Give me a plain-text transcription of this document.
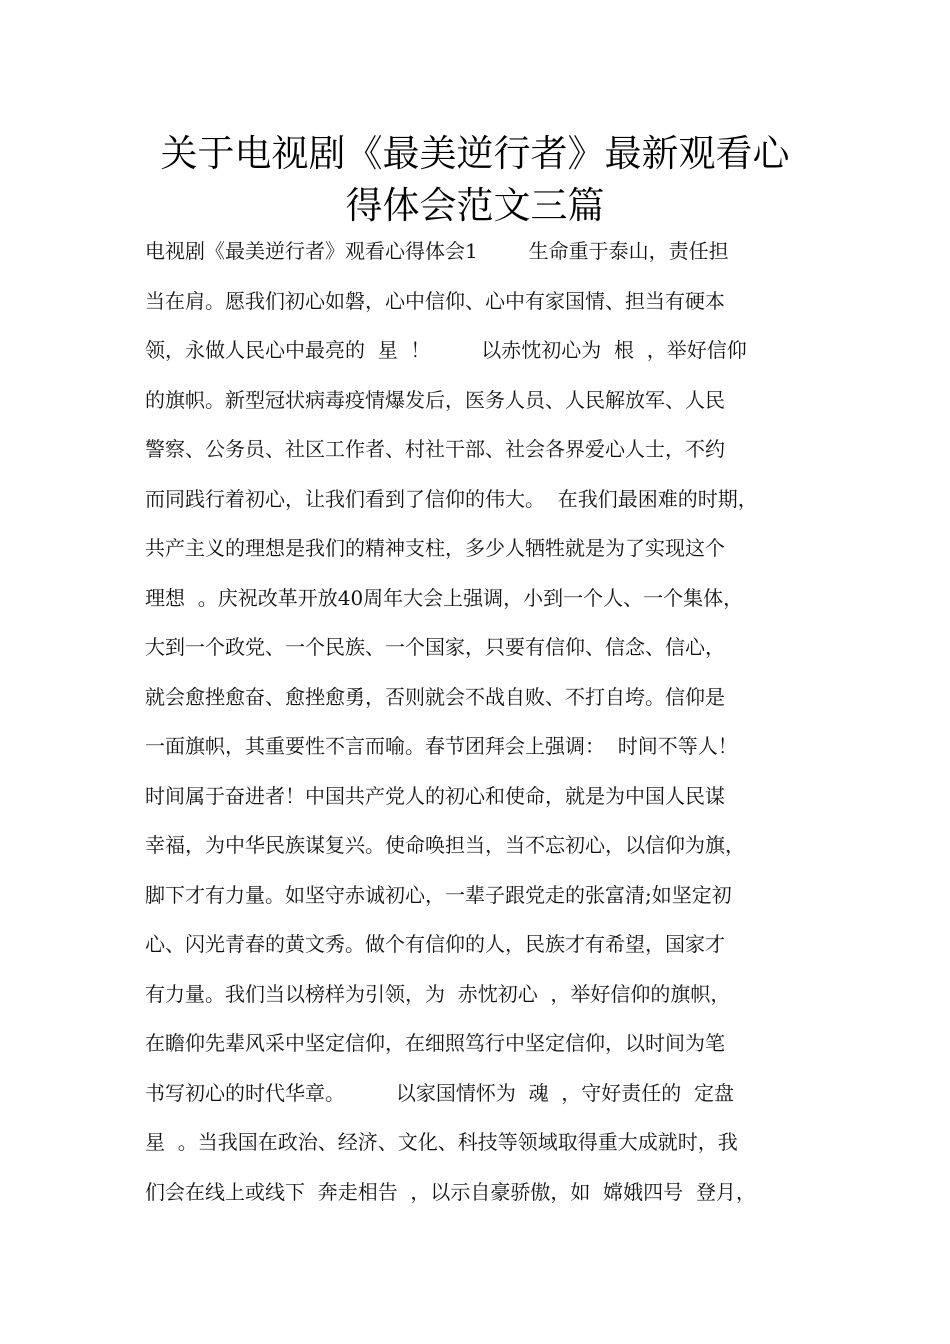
关于电视剧《最美逆行者》最新观看心
得体会范文三篇
电视剧《最美逆行者》观看心得体会1        生命重于泰山，责任担
当在肩。愿我们初心如磐，心中信仰、心中有家国情、担当有硬本
领，永做人民心中最亮的  星  ！        以赤忱初心为  根  ，举好信仰
的旗帜。新型冠状病毒疫情爆发后，医务人员、人民解放军、人民
警察、公务员、社区工作者、村社干部、社会各界爱心人士，不约
而同践行着初心，让我们看到了信仰的伟大。  在我们最困难的时期，
共产主义的理想是我们的精神支柱，多少人牺牲就是为了实现这个
理想  。庆祝改革开放40周年大会上强调，小到一个人、一个集体，
大到一个政党、一个民族、一个国家，只要有信仰、信念、信心，
就会愈挫愈奋、愈挫愈勇，否则就会不战自败、不打自垮。信仰是
一面旗帜，其重要性不言而喻。春节团拜会上强调：  时间不等人！
时间属于奋进者！中国共产党人的初心和使命，就是为中国人民谋
幸福，为中华民族谋复兴。使命唤担当，当不忘初心，以信仰为旗，
脚下才有力量。如坚守赤诚初心，一辈子跟党走的张富清;如坚定初
心、闪光青春的黄文秀。做个有信仰的人，民族才有希望，国家才
有力量。我们当以榜样为引领，为  赤忱初心  ，举好信仰的旗帜，
在瞻仰先辈风采中坚定信仰，在细照笃行中坚定信仰，以时间为笔
书写初心的时代华章。        以家国情怀为  魂  ，守好责任的  定盘
星  。当我国在政治、经济、文化、科技等领域取得重大成就时，我
们会在线上或线下  奔走相告  ，以示自豪骄傲，如  嫦娥四号  登月，
